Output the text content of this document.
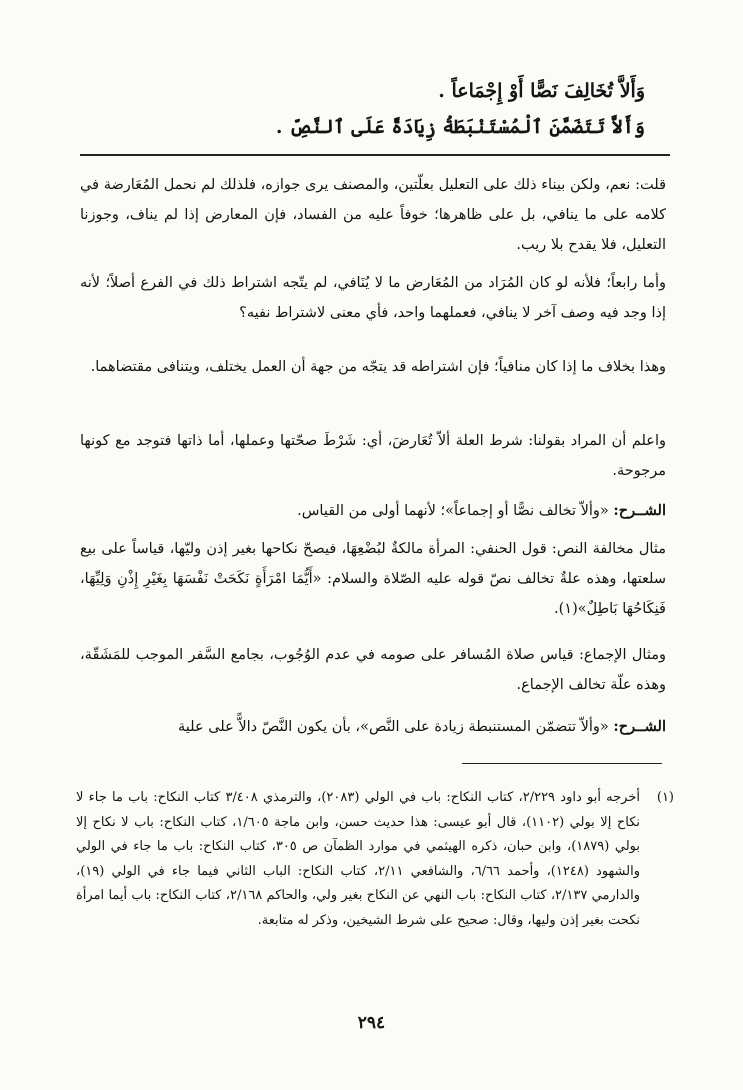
وَأَلاَّ تُخَالِفَ نَصًّا أَوْ إِجْمَاعاً .
وَأَلاَّ تَتَضَمَّنَ ٱلْمُسْتَنْبَطَةُ زِيَادَةً عَلَى ٱلنَّصِّ .

قلت: نعم، ولكن بيناء ذلك على التعليل بعلّتين، والمصنف يرى جوازه، فلذلك لم نحمل المُعَارضة في كلامه على ما ينافي، بل على ظاهرها؛ خوفاً عليه من الفساد، فإن المعارض إذا لم يناف، وجوزنا التعليل، فلا يقدح بلا ريب.

وأما رابعاً؛ فلأنه لو كان المُرَاد من المُعَارض ما لا يُنَافي، لم يتّجه اشتراط ذلك في الفرع أصلاً؛ لأنه إذا وجد فيه وصف آخر لا ينافي، فعملهما واحد، فأي معنى لاشتراط نفيه؟

وهذا بخلاف ما إذا كان منافياً؛ فإن اشتراطه قد يتجّه من جهة أن العمل يختلف، ويتنافى مقتضاهما.

واعلم أن المراد بقولنا: شرط العلة ألاّ تُعَارضَ، أي: شَرْطَ صحّتها وعملها، أما ذاتها فتوجد مع كونها مرجوحة.

الشــرح: «وألاّ تخالف نصًّا أو إجماعاً»؛ لأنهما أولى من القياس.

مثال مخالفة النص: قول الحنفي: المرأة مالكةٌ لبُضْعِهَا، فيصحّ نكاحها بغير إذن وليّها، قياساً على بيع سلعتها، وهذه علةٌ تخالف نصّ قوله عليه الصّلاة والسلام: «أَيُّمَا امْرَأَةٍ نَكَحَتْ نَفْسَهَا بِغَيْرِ إِذْنِ وَلِيِّهَا، فَنِكَاحُهَا بَاطِلٌ»(١).

ومثال الإجماع: قياس صلاة المُسافر على صومه في عدم الوُجُوب، بجامع السَّفر الموجب للمَشَقّة، وهذه علّة تخالف الإجماع.

الشــرح: «وألاّ تتضمّن المستنبطة زيادة على النَّص»، بأن يكون النَّصّ دالاًّ على علية

(١)
أخرجه أبو داود ٢/٢٢٩، كتاب النكاح: باب في الولي (٢٠٨٣)، والترمذي ٣/٤٠٨ كتاب النكاح: باب ما جاء لا نكاح إلا بولي (١١٠٢)، قال أبو عيسى: هذا حديث حسن، وابن ماجة ١/٦٠٥، كتاب النكاح: باب لا نكاح إلا بولي (١٨٧٩)، وابن حبان، ذكره الهيثمي في موارد الظمآن ص ٣٠٥، كتاب النكاح: باب ما جاء في الولي والشهود (١٢٤٨)، وأحمد ٦/٦٦، والشافعي ٢/١١، كتاب النكاح: الباب الثاني فيما جاء في الولي (١٩)، والدارمي ٢/١٣٧، كتاب النكاح: باب النهي عن النكاح بغير ولي، والحاكم ٢/١٦٨، كتاب النكاح: باب أيما امرأة نكحت بغير إذن وليها، وقال: صحيح على شرط الشيخين، وذكر له متابعة.
٢٩٤
